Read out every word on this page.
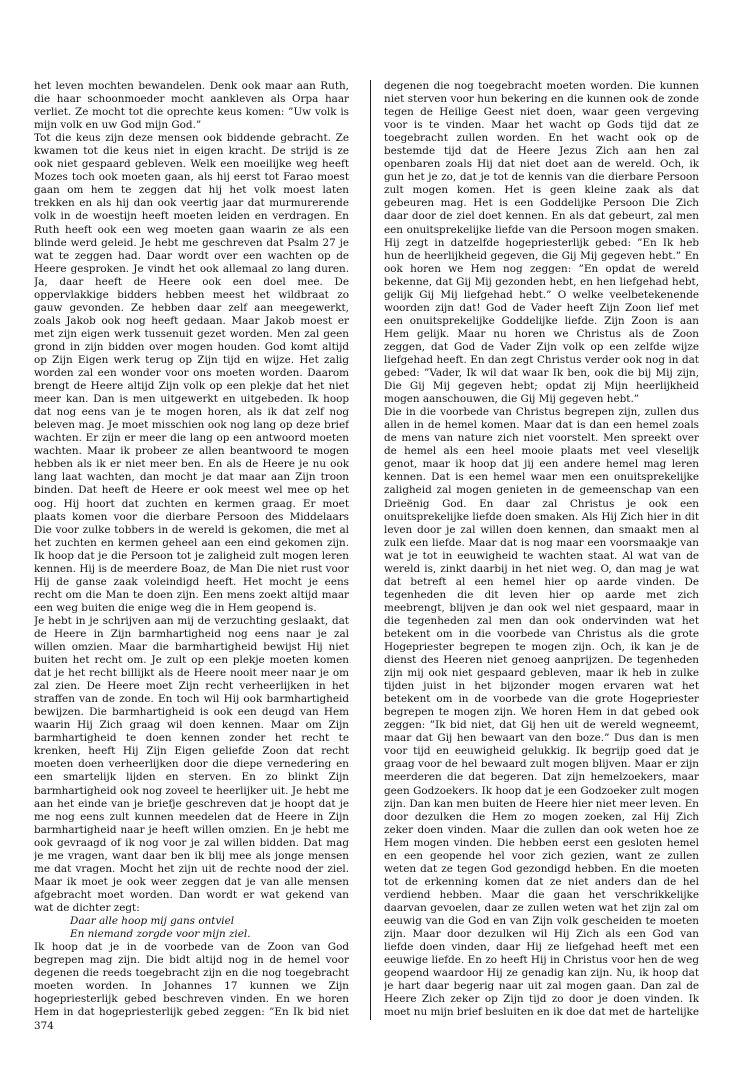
het leven mochten bewandelen. Denk ook maar aan Ruth, die haar schoonmoeder mocht aankleven als Orpa haar verliet. Ze mocht tot die oprechte keus komen: ”Uw volk is mijn volk en uw God mijn God.”

Tot die keus zijn deze mensen ook biddende gebracht. Ze kwamen tot die keus niet in eigen kracht. De strijd is ze ook niet gespaard gebleven. Welk een moeilijke weg heeft Mozes toch ook moeten gaan, als hij eerst tot Farao moest gaan om hem te zeggen dat hij het volk moest laten trekken en als hij dan ook veertig jaar dat murmurerende volk in de woestijn heeft moeten leiden en verdragen. En Ruth heeft ook een weg moeten gaan waarin ze als een blinde werd geleid. Je hebt me geschreven dat Psalm 27 je wat te zeggen had. Daar wordt over een wachten op de Heere gesproken. Je vindt het ook allemaal zo lang duren. Ja, daar heeft de Heere ook een doel mee. De oppervlakkige bidders hebben meest het wildbraat zo gauw gevonden. Ze hebben daar zelf aan meegewerkt, zoals Jakob ook nog heeft gedaan. Maar Jakob moest er met zijn eigen werk tussenuit gezet worden. Men zal geen grond in zijn bidden over mogen houden. God komt altijd op Zijn Eigen werk terug op Zijn tijd en wijze. Het zalig worden zal een wonder voor ons moeten worden. Daarom brengt de Heere altijd Zijn volk op een plekje dat het niet meer kan. Dan is men uitgewerkt en uitgebeden. Ik hoop dat nog eens van je te mogen horen, als ik dat zelf nog beleven mag. Je moet misschien ook nog lang op deze brief wachten. Er zijn er meer die lang op een antwoord moeten wachten. Maar ik probeer ze allen beantwoord te mogen hebben als ik er niet meer ben. En als de Heere je nu ook lang laat wachten, dan mocht je dat maar aan Zijn troon binden. Dat heeft de Heere er ook meest wel mee op het oog. Hij hoort dat zuchten en kermen graag. Er moet plaats komen voor die dierbare Persoon des Middelaars Die voor zulke tobbers in de wereld is gekomen, die met al het zuchten en kermen geheel aan een eind gekomen zijn. Ik hoop dat je die Persoon tot je zaligheid zult mogen leren kennen. Hij is de meerdere Boaz, de Man Die niet rust voor Hij de ganse zaak voleindigd heeft. Het mocht je eens recht om die Man te doen zijn. Een mens zoekt altijd maar een weg buiten die enige weg die in Hem geopend is.

Je hebt in je schrijven aan mij de verzuchting geslaakt, dat de Heere in Zijn barmhartigheid nog eens naar je zal willen omzien. Maar die barmhartigheid bewijst Hij niet buiten het recht om. Je zult op een plekje moeten komen dat je het recht billijkt als de Heere nooit meer naar je om zal zien. De Heere moet Zijn recht verheerlijken in het straffen van de zonde. En toch wil Hij ook barmhartigheid bewijzen. Die barmhartigheid is ook een deugd van Hem waarin Hij Zich graag wil doen kennen. Maar om Zijn barmhartigheid te doen kennen zonder het recht te krenken, heeft Hij Zijn Eigen geliefde Zoon dat recht moeten doen verheerlijken door die diepe vernedering en een smartelijk lijden en sterven. En zo blinkt Zijn barmhartigheid ook nog zoveel te heerlijker uit. Je hebt me aan het einde van je briefje geschreven dat je hoopt dat je me nog eens zult kunnen meedelen dat de Heere in Zijn barmhartigheid naar je heeft willen omzien. En je hebt me ook gevraagd of ik nog voor je zal willen bidden. Dat mag je me vragen, want daar ben ik blij mee als jonge mensen me dat vragen. Mocht het zijn uit de rechte nood der ziel. Maar ik moet je ook weer zeggen dat je van alle mensen afgebracht moet worden. Dan wordt er wat gekend van wat de dichter zegt:

Daar alle hoop mij gans ontviel

En niemand zorgde voor mijn ziel.

Ik hoop dat je in de voorbede van de Zoon van God begrepen mag zijn. Die bidt altijd nog in de hemel voor degenen die reeds toegebracht zijn en die nog toegebracht moeten worden. In Johannes 17 kunnen we Zijn hogepriesterlijk gebed beschreven vinden. En we horen Hem in dat hogepriesterlijk gebed zeggen: ”En Ik bid niet

degenen die nog toegebracht moeten worden. Die kunnen niet sterven voor hun bekering en die kunnen ook de zonde tegen de Heilige Geest niet doen, waar geen vergeving voor is te vinden. Maar het wacht op Gods tijd dat ze toegebracht zullen worden. En het wacht ook op de bestemde tijd dat de Heere Jezus Zich aan hen zal openbaren zoals Hij dat niet doet aan de wereld. Och, ik gun het je zo, dat je tot de kennis van die dierbare Persoon zult mogen komen. Het is geen kleine zaak als dat gebeuren mag. Het is een Goddelijke Persoon Die Zich daar door de ziel doet kennen. En als dat gebeurt, zal men een onuitsprekelijke liefde van die Persoon mogen smaken. Hij zegt in datzelfde hogepriesterlijk gebed: ”En Ik heb hun de heerlijkheid gegeven, die Gij Mij gegeven hebt.” En ook horen we Hem nog zeggen: ”En opdat de wereld bekenne, dat Gij Mij gezonden hebt, en hen liefgehad hebt, gelijk Gij Mij liefgehad hebt.” O welke veelbetekenende woorden zijn dat! God de Vader heeft Zijn Zoon lief met een onuitsprekelijke Goddelijke liefde. Zijn Zoon is aan Hem gelijk. Maar nu horen we Christus als de Zoon zeggen, dat God de Vader Zijn volk op een zelfde wijze liefgehad heeft. En dan zegt Christus verder ook nog in dat gebed: ”Vader, Ik wil dat waar Ik ben, ook die bij Mij zijn, Die Gij Mij gegeven hebt; opdat zij Mijn heerlijkheid mogen aanschouwen, die Gij Mij gegeven hebt.”

Die in die voorbede van Christus begrepen zijn, zullen dus allen in de hemel komen. Maar dat is dan een hemel zoals de mens van nature zich niet voorstelt. Men spreekt over de hemel als een heel mooie plaats met veel vleselijk genot, maar ik hoop dat jij een andere hemel mag leren kennen. Dat is een hemel waar men een onuitsprekelijke zaligheid zal mogen genieten in de gemeenschap van een Drieënig God. En daar zal Christus je ook een onuitsprekelijke liefde doen smaken. Als Hij Zich hier in dit leven door je zal willen doen kennen, dan smaakt men al zulk een liefde. Maar dat is nog maar een voorsmaakje van wat je tot in eeuwigheid te wachten staat. Al wat van de wereld is, zinkt daarbij in het niet weg. O, dan mag je wat dat betreft al een hemel hier op aarde vinden. De tegenheden die dit leven hier op aarde met zich meebrengt, blijven je dan ook wel niet gespaard, maar in die tegenheden zal men dan ook ondervinden wat het betekent om in die voorbede van Christus als die grote Hogepriester begrepen te mogen zijn. Och, ik kan je de dienst des Heeren niet genoeg aanprijzen. De tegenheden zijn mij ook niet gespaard gebleven, maar ik heb in zulke tijden juist in het bijzonder mogen ervaren wat het betekent om in de voorbede van die grote Hogepriester begrepen te mogen zijn. We horen Hem in dat gebed ook zeggen: ”Ik bid niet, dat Gij hen uit de wereld wegneemt, maar dat Gij hen bewaart van den boze.” Dus dan is men voor tijd en eeuwigheid gelukkig. Ik begrijp goed dat je graag voor de hel bewaard zult mogen blijven. Maar er zijn meerderen die dat begeren. Dat zijn hemelzoekers, maar geen Godzoekers. Ik hoop dat je een Godzoeker zult mogen zijn. Dan kan men buiten de Heere hier niet meer leven. En door dezulken die Hem zo mogen zoeken, zal Hij Zich zeker doen vinden. Maar die zullen dan ook weten hoe ze Hem mogen vinden. Die hebben eerst een gesloten hemel en een geopende hel voor zich gezien, want ze zullen weten dat ze tegen God gezondigd hebben. En die moeten tot de erkenning komen dat ze niet anders dan de hel verdiend hebben. Maar die gaan het verschrikkelijke daarvan gevoelen, daar ze zullen weten wat het zijn zal om eeuwig van die God en van Zijn volk gescheiden te moeten zijn. Maar door dezulken wil Hij Zich als een God van liefde doen vinden, daar Hij ze liefgehad heeft met een eeuwige liefde. En zo heeft Hij in Christus voor hen de weg geopend waardoor Hij ze genadig kan zijn. Nu, ik hoop dat je hart daar begerig naar uit zal mogen gaan. Dan zal de Heere Zich zeker op Zijn tijd zo door je doen vinden. Ik moet nu mijn brief besluiten en ik doe dat met de hartelijke

374
